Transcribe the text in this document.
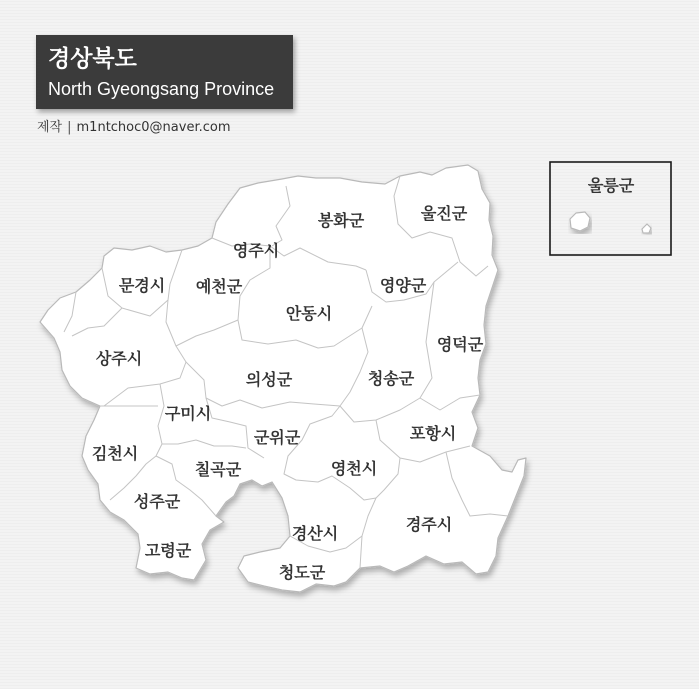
경상북도
North Gyeongsang Province
제작 | m1ntchoc0@naver.com
봉화군	울진군
영주시
문경시 예천군	영양군
안동시
상주시
영덕군
의성군	청송군
구미시
포항시
군위군
김천시
칠곡군	영천시
성주군
경주시
경산시
고령군
청도군
울릉군
